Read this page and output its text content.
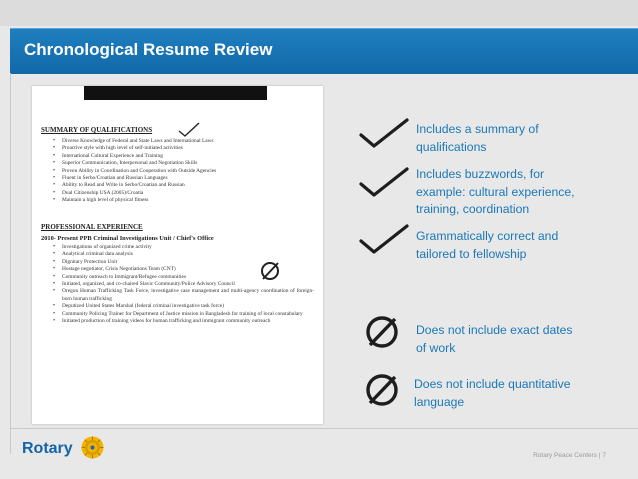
Chronological Resume Review
SUMMARY OF QUALIFICATIONS
• Diverse Knowledge of Federal and State Laws and International Laws
• Proactive style with high level of self-initiated activities
• International Cultural Experience and Training
• Superior Communication, Interpersonal and Negotiation Skills
• Proven Ability in Coordination and Cooperation with Outside Agencies
• Fluent in Serbo/Croatian and Russian Languages
• Ability to Read and Write in Serbo/Croatian and Russian
• Dual Citizenship USA (2005)/Croatia
• Maintain a high level of physical fitness
PROFESSIONAL EXPERIENCE
2010- Present PPB Criminal Investigations Unit / Chief's Office
• Investigations of organized crime activity
• Analytical criminal data analysis
• Dignitary Protection Unit
• Hostage negotiator, Crisis Negotiations Team (CNT)
• Community outreach to Immigrant/Refugee communities
• Initiated, organized, and co-chaired Slavic Community/Police Advisory Council
• Oregon Human Trafficking Task Force, investigative case management and multi-agency coordination of foreign-born human trafficking
• Deputized United States Marshal (federal criminal investigative task force)
• Community Policing Trainer for Department of Justice mission in Bangladesh for training of local constabulary
• Initiated production of training videos for human trafficking and immigrant community outreach
Includes a summary of
qualifications
Includes buzzwords, for
example: cultural experience,
training, coordination
Grammatically correct and
tailored to fellowship
Does not include exact dates
of work
Does not include quantitative
language
Rotary	Rotary Peace Centers | 7
